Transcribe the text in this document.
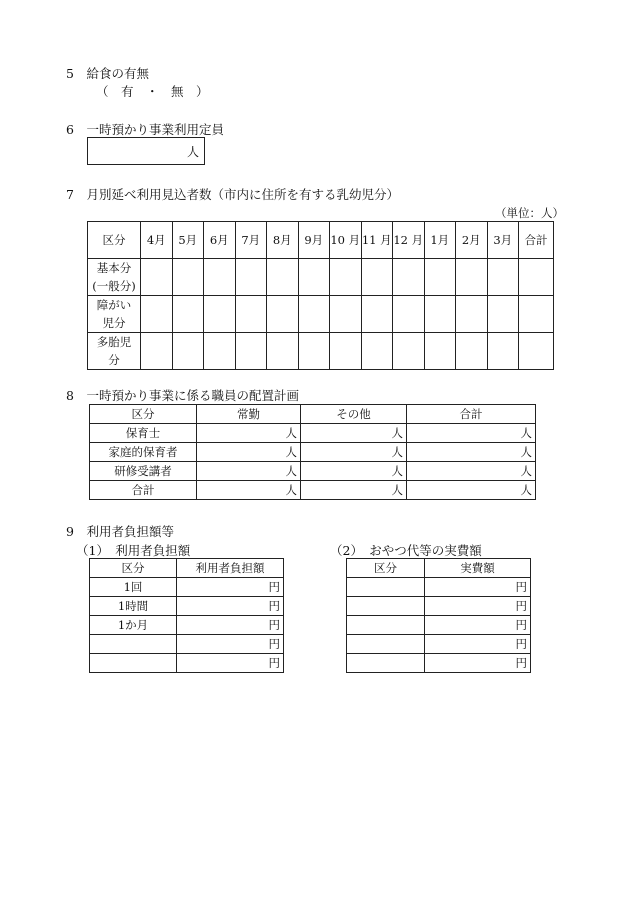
5　給食の有無
（　有　・　無　）
6　一時預かり事業利用定員
人
7　月別延べ利用見込者数（市内に住所を有する乳幼児分）
（単位：人）
区分	4月	5月	6月	7月	8月	9月	10 月	11 月	12 月	1月	2月	3月	合計

基本分
(一般分)													

障がい
児分													

多胎児
分													

8　一時預かり事業に係る職員の配置計画
区分	常勤	その他	合計
保育士	人	人	人
家庭的保育者	人	人	人
研修受講者	人	人	人
合計	人	人	人
9　利用者負担額等
（1）　利用者負担額	（2）　おやつ代等の実費額
区分	利用者負担額
1回	円
1時間	円
1か月	円
	円
	円
区分	実費額
	円
	円
	円
	円
	円
